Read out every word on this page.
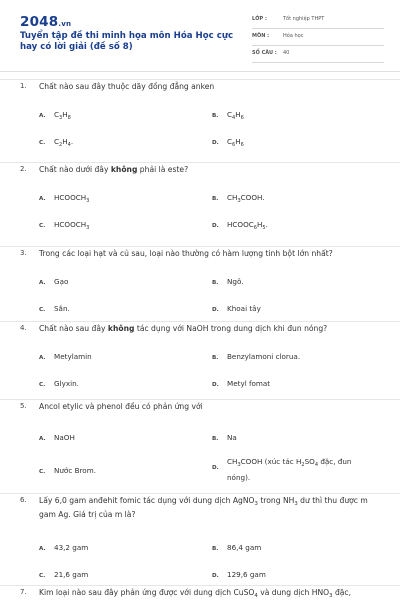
2048.vn
Tuyển tập đề thi minh họa môn Hóa Học cực hay có lời giải (đề số 8)
LỚP :	Tốt nghiệp THPT
MÔN :	Hóa học
SỐ CÂU : 40
1. Chất nào sau đây thuộc dãy đồng đẳng anken
A. $C_3H_8$	B. $C_4H_6$
C. $C_2H_4$.	D. $C_6H_6$
2. Chất nào dưới đây không phải là este?
A. $HCOOCH_3$	B. $CH_3COOH$.
C. $HCOOCH_3$	D. $HCOOC_6H_5$.
3. Trong các loại hạt và củ sau, loại nào thường có hàm lượng tinh bột lớn nhất?
A. Gạo	B. Ngô.
C. Sắn.	D. Khoai tây
4. Chất nào sau đây không tác dụng với NaOH trong dung dịch khi đun nóng?
A. Metylamin	B. Benzylamoni clorua.
C. Glyxin.	D. Metyl fomat
5. Ancol etylic và phenol đều có phản ứng với
A. NaOH	B. Na
C. Nước Brom.	D.
$CH_3COOH$ (xúc tác $H_2SO_4$ đặc, đun nóng).
6. Lấy 6,0 gam anđehit fomic tác dụng với dung dịch AgNO$_3$ trong $NH_3$ dư thì thu được m gam Ag. Giá trị của m là?
A. 43,2 gam	B. 86,4 gam
C. 21,6 gam	D. 129,6 gam
7. Kim loại nào sau đây phản ứng được với dung dịch CuSO$_4$ và dung dịch $HNO_3$ đặc,
